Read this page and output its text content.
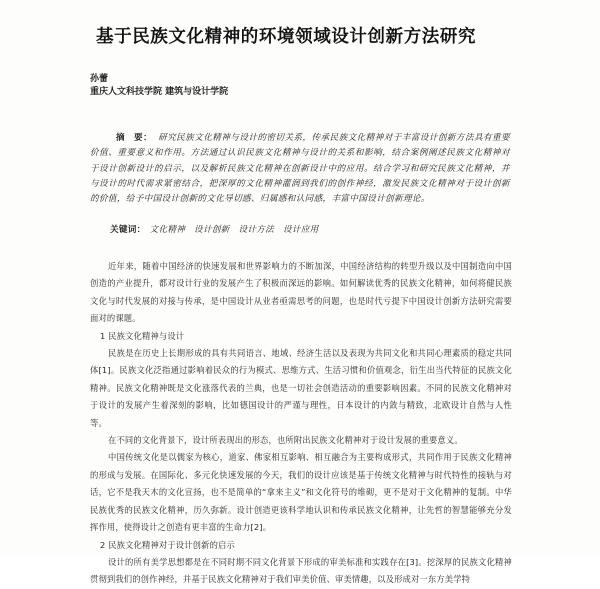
基于民族文化精神的环境领域设计创新方法研究
孙蕾
重庆人文科技学院 建筑与设计学院
摘　要： 研究民族文化精神与设计的密切关系，传承民族文化精神对于丰富设计创新方法具有重要价值、重要意义和作用。方法通过认识民族文化精神与设计的关系和影响，结合案例阐述民族文化精神对于设计创新设计的启示，以及解析民族文化精神在创新设计中的应用。结合学习和研究民族文化精神，并与设计的时代需求紧密结合，把深厚的文化精神灌润到我们的创作神经，激发民族文化精神对于设计创新的价值，给予中国设计创新的文化导切感、归属感和认同感，丰富中国设计创新理论。
关键词： 文化精神　设计创新　设计方法　设计应用

近年来，随着中国经济的快速发展和世界影响力的不断加深，中国经济结构的转型升级以及中国制造向中国创造的产业提升，都对设计行业的发展产生了积极而深远的影响。如何解读优秀的民族文化精神，如何将健民族文化与时代发展的对接与传承，是中国设计从业者亟需思考的问题，也是时代亏提下中国设计创新方法研究需要面对的课题。

1 民族文化精神与设计

民族是在历史上长期形成的具有共同语言、地域、经济生活以及表现为共同文化和共同心理素质的稳定共同体[1]。民族文化泛指通过影响着民众的行为模式、思维方式、生活习惯和价值观念，衍生出当代特征的民族文化精神。民族文化精神既是文化涨落代表的兰典，也是一切社会创造活动的重要影响因素。不同的民族文化精神对于设计的发展产生着深刻的影响，比如德国设计的严谨与理性，日本设计的内敛与精致，北欧设计自然与人性等。

在不同的文化背景下，设计所表现出的形态，也所附出民族文化精神对于设计发展的重要意义。

中国传统文化是以儒家为核心，道家、佛家相互影响、相互融合为主要构成形式，共同作用于民族文化精神的形成与发展。在国际化、多元化快速发展的今天，我们的设计应该是基于传统文化精神与时代特性的接轨与对话，它不是我天木的文化宣扬，也不是简单的“拿来主义”和文化符号的堆砌，更不是对于文化精神的复制。中华民族优秀的民族文化精神，历久弥新。设计创造更该科学地认识和传承民族文化精神，让先哲的智慧能够充分发挥作用，使得设计之创造有更丰富的生命力[2]。

2 民族文化精神对于设计创新的启示

设计的所有美学思想都是在不同时期不同文化背景下形成的审美标准和实践存在[3]。挖深厚的民族文化精神贯彻到我们的创作神经，并基于民族文化精神对于我们审美价值、审美情趣，以及形成对一东方美学特
